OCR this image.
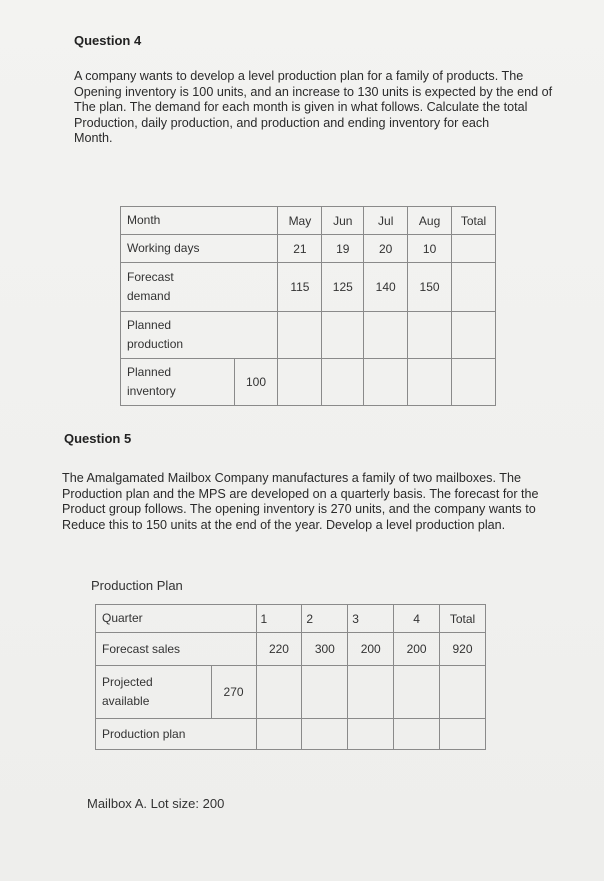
Question 4
A company wants to develop a level production plan for a family of products. The
Opening inventory is 100 units, and an increase to 130 units is expected by the end of
The plan. The demand for each month is given in what follows. Calculate the total
Production, daily production, and production and ending inventory for each
Month.
Month		May	Jun	Jul	Aug	Total
Working days		21	19	20	10	

Forecast
demand		115	125	140	150	

Planned
production						

Planned
inventory	100					
Question 5
The Amalgamated Mailbox Company manufactures a family of two mailboxes. The
Production plan and the MPS are developed on a quarterly basis. The forecast for the
Product group follows. The opening inventory is 270 units, and the company wants to
Reduce this to 150 units at the end of the year. Develop a level production plan.
Production Plan
Quarter		1	2	3	4	Total
Forecast sales		220	300	200	200	920

Projected
available	270					
Production plan						
Mailbox A. Lot size: 200
